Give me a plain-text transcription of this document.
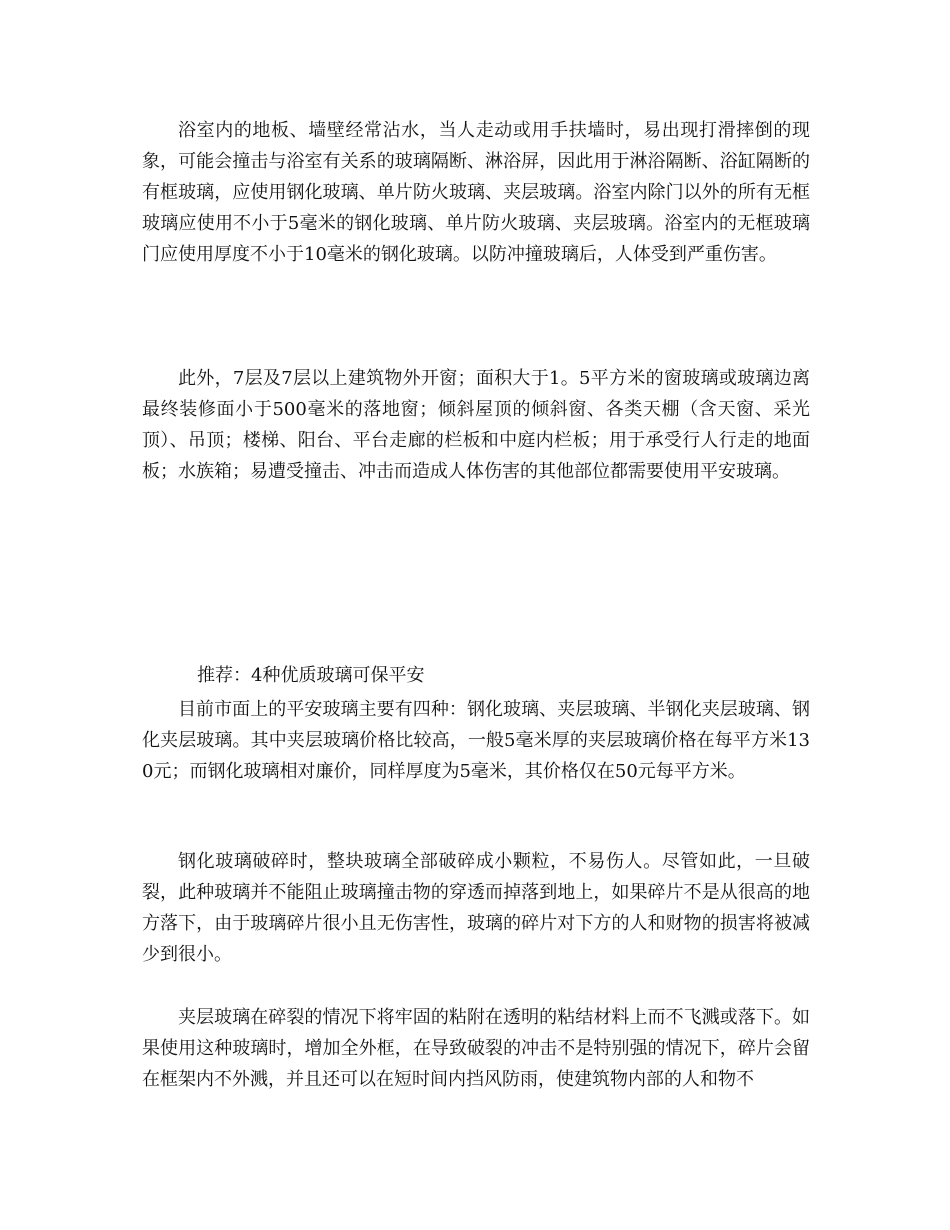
浴室内的地板、墙壁经常沾水，当人走动或用手扶墙时，易出现打滑摔倒的现象，可能会撞击与浴室有关系的玻璃隔断、淋浴屏，因此用于淋浴隔断、浴缸隔断的有框玻璃，应使用钢化玻璃、单片防火玻璃、夹层玻璃。浴室内除门以外的所有无框玻璃应使用不小于5毫米的钢化玻璃、单片防火玻璃、夹层玻璃。浴室内的无框玻璃门应使用厚度不小于10毫米的钢化玻璃。以防冲撞玻璃后，人体受到严重伤害。

此外，7层及7层以上建筑物外开窗；面积大于1。5平方米的窗玻璃或玻璃边离最终装修面小于500毫米的落地窗；倾斜屋顶的倾斜窗、各类天棚（含天窗、采光顶）、吊顶；楼梯、阳台、平台走廊的栏板和中庭内栏板；用于承受行人行走的地面板；水族箱；易遭受撞击、冲击而造成人体伤害的其他部位都需要使用平安玻璃。

推荐：4种优质玻璃可保平安

目前市面上的平安玻璃主要有四种：钢化玻璃、夹层玻璃、半钢化夹层玻璃、钢化夹层玻璃。其中夹层玻璃价格比较高，一般5毫米厚的夹层玻璃价格在每平方米130元；而钢化玻璃相对廉价，同样厚度为5毫米，其价格仅在50元每平方米。

钢化玻璃破碎时，整块玻璃全部破碎成小颗粒，不易伤人。尽管如此，一旦破裂，此种玻璃并不能阻止玻璃撞击物的穿透而掉落到地上，如果碎片不是从很高的地方落下，由于玻璃碎片很小且无伤害性，玻璃的碎片对下方的人和财物的损害将被减少到很小。

夹层玻璃在碎裂的情况下将牢固的粘附在透明的粘结材料上而不飞溅或落下。如果使用这种玻璃时，增加全外框，在导致破裂的冲击不是特别强的情况下，碎片会留在框架内不外溅，并且还可以在短时间内挡风防雨，使建筑物内部的人和物不
